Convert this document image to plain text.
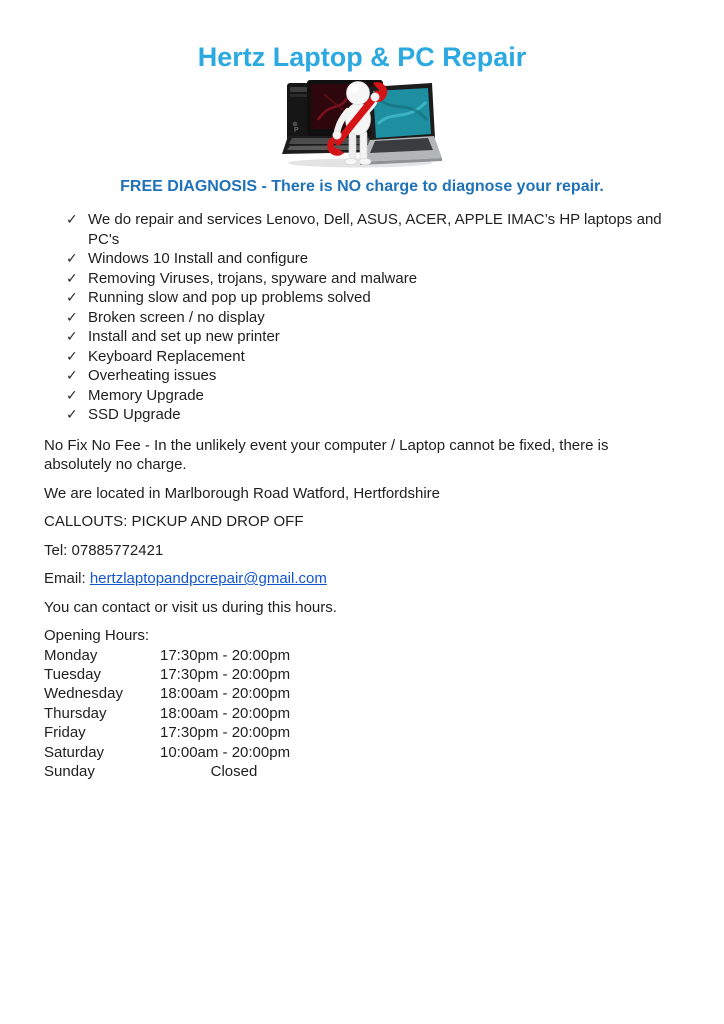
Hertz Laptop & PC Repair
P

FREE DIAGNOSIS - There is NO charge to diagnose your repair.

✓ We do repair and services Lenovo, Dell, ASUS, ACER, APPLE IMAC’s HP laptops and PC's
✓ Windows 10 Install and configure
✓ Removing Viruses, trojans, spyware and malware
✓ Running slow and pop up problems solved
✓ Broken screen / no display
✓ Install and set up new printer
✓ Keyboard Replacement
✓ Overheating issues
✓ Memory Upgrade
✓ SSD Upgrade

No Fix No Fee - In the unlikely event your computer / Laptop cannot be fixed, there is absolutely no charge.

We are located in Marlborough Road Watford, Hertfordshire

CALLOUTS: PICKUP AND DROP OFF

Tel: 07885772421

Email: hertzlaptopandpcrepair@gmail.com

You can contact or visit us during this hours.

Opening Hours:
Monday	17:30pm - 20:00pm
Tuesday	17:30pm - 20:00pm
Wednesday	18:00am - 20:00pm
Thursday	18:00am - 20:00pm
Friday	17:30pm - 20:00pm
Saturday	10:00am - 20:00pm
Sunday	Closed
